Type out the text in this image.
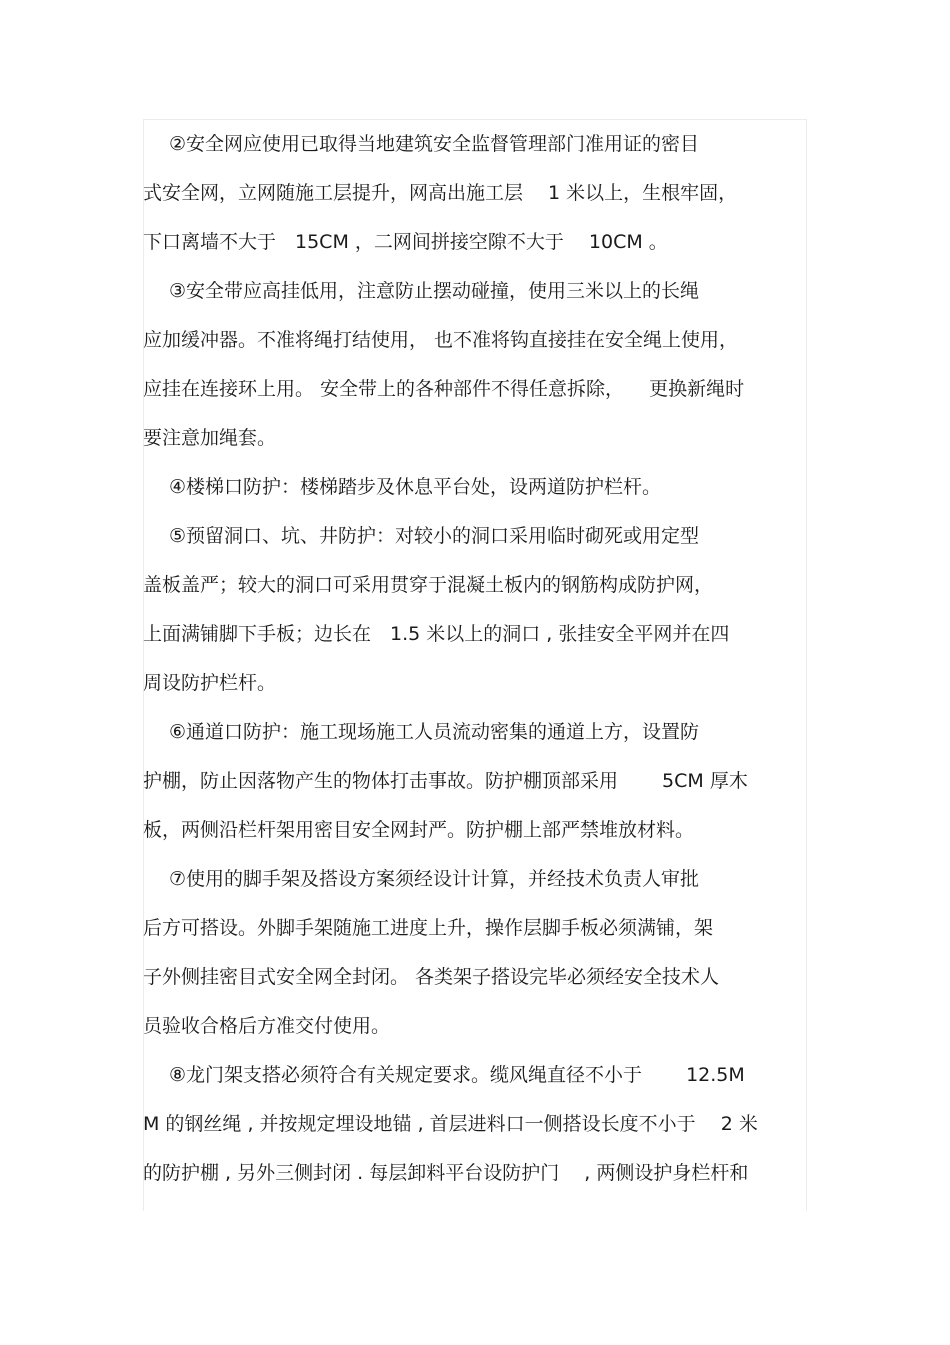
②安全网应使用已取得当地建筑安全监督管理部门准用证的密目
式安全网，立网随施工层提升，网高出施工层　 1 米以上，生根牢固，
下口离墙不大于　15CM ，二网间拼接空隙不大于　 10CM 。
③安全带应高挂低用，注意防止摆动碰撞，使用三米以上的长绳
应加缓冲器。不准将绳打结使用， 也不准将钩直接挂在安全绳上使用，
应挂在连接环上用。 安全带上的各种部件不得任意拆除， 　更换新绳时
要注意加绳套。
④楼梯口防护：楼梯踏步及休息平台处，设两道防护栏杆。
⑤预留洞口、坑、井防护：对较小的洞口采用临时砌死或用定型
盖板盖严；较大的洞口可采用贯穿于混凝土板内的钢筋构成防护网，
上面满铺脚下手板；边长在　1.5 米以上的洞口 , 张挂安全平网并在四
周设防护栏杆。
⑥通道口防护：施工现场施工人员流动密集的通道上方，设置防
护棚，防止因落物产生的物体打击事故。防护棚顶部采用 　　5CM 厚木
板，两侧沿栏杆架用密目安全网封严。防护棚上部严禁堆放材料。
⑦使用的脚手架及搭设方案须经设计计算，并经技术负责人审批
后方可搭设。外脚手架随施工进度上升，操作层脚手板必须满铺，架
子外侧挂密目式安全网全封闭。 各类架子搭设完毕必须经安全技术人
员验收合格后方准交付使用。
⑧龙门架支搭必须符合有关规定要求。缆风绳直径不小于 　　12.5M
M 的钢丝绳 , 并按规定埋设地锚 , 首层进料口一侧搭设长度不小于 　2 米
的防护棚 , 另外三侧封闭 . 每层卸料平台设防护门 　, 两侧设护身栏杆和
